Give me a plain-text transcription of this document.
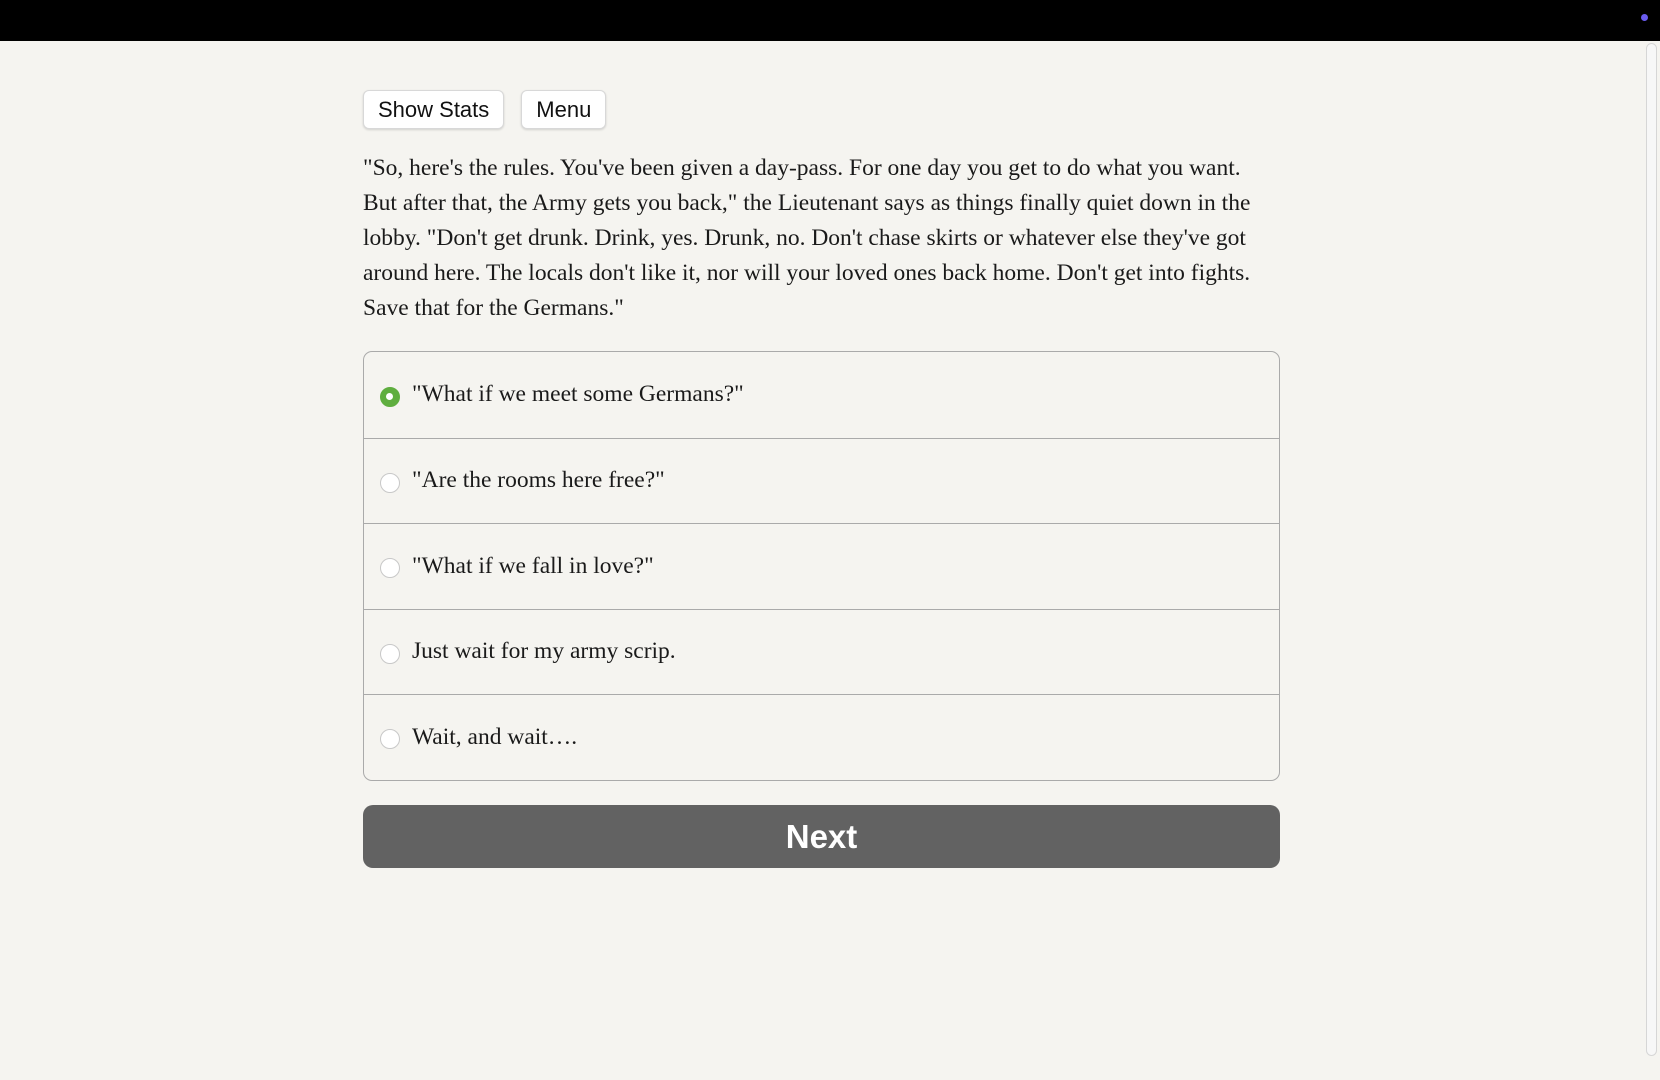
Show Stats	Menu
"So, here's the rules. You've been given a day-pass. For one day you get to do what you want. But after that, the Army gets you back," the Lieutenant says as things finally quiet down in the lobby. "Don't get drunk. Drink, yes. Drunk, no. Don't chase skirts or whatever else they've got around here. The locals don't like it, nor will your loved ones back home. Don't get into fights. Save that for the Germans."
"What if we meet some Germans?"
"Are the rooms here free?"
"What if we fall in love?"
Just wait for my army scrip.
Wait, and wait….
Next
